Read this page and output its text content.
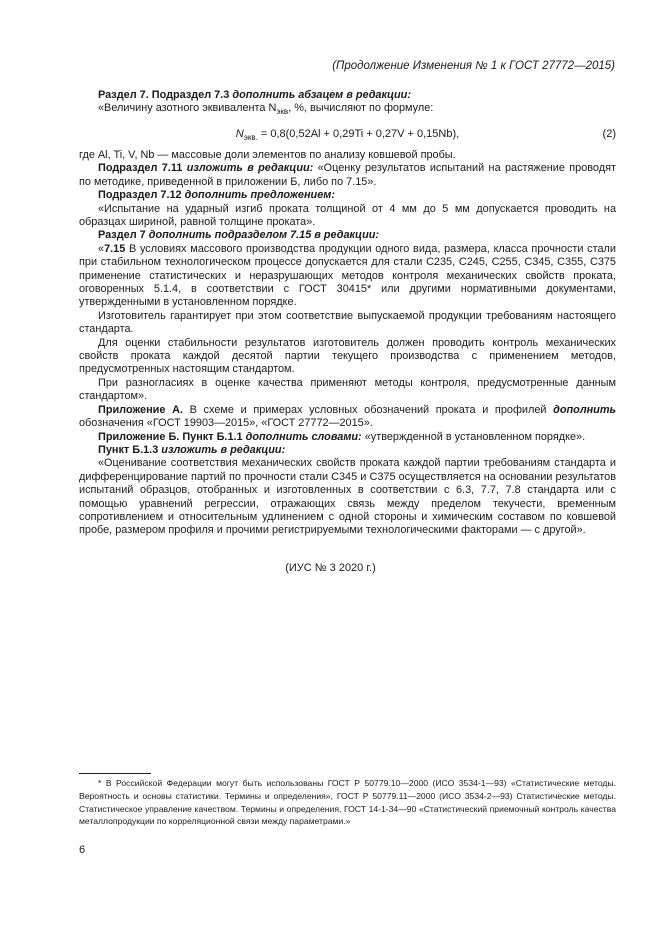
(Продолжение Изменения № 1 к ГОСТ 27772—2015)

Раздел 7. Подраздел 7.3 дополнить абзацем в редакции:

«Величину азотного эквивалента $N_{экв}$, %, вычисляют по формуле:

$N_{экв.} = 0,8(0,52Al + 0,29Ti + 0,27V + 0,15Nb)$,	(2)

где Al, Ti, V, Nb — массовые доли элементов по анализу ковшевой пробы.

Подраздел 7.11 изложить в редакции: «Оценку результатов испытаний на растяжение проводят по методике, приведенной в приложении Б, либо по 7.15».

Подраздел 7.12 дополнить предложением:

«Испытание на ударный изгиб проката толщиной от 4 мм до 5 мм допускается проводить на образцах шириной, равной толщине проката».

Раздел 7 дополнить подразделом 7.15 в редакции:

«7.15 В условиях массового производства продукции одного вида, размера, класса прочности стали при стабильном технологическом процессе допускается для стали С235, С245, С255, С345, С355, С375 применение статистических и неразрушающих методов контроля механических свойств проката, оговоренных 5.1.4, в соответствии с ГОСТ 30415* или другими нормативными документами, утвержденными в установленном порядке.

Изготовитель гарантирует при этом соответствие выпускаемой продукции требованиям настоящего стандарта.

Для оценки стабильности результатов изготовитель должен проводить контроль механических свойств проката каждой десятой партии текущего производства с применением методов, предусмотренных настоящим стандартом.

При разногласиях в оценке качества применяют методы контроля, предусмотренные данным стандартом».

Приложение А. В схеме и примерах условных обозначений проката и профилей дополнить обозначения «ГОСТ 19903—2015», «ГОСТ 27772—2015».

Приложение Б. Пункт Б.1.1 дополнить словами: «утвержденной в установленном порядке».

Пункт Б.1.3 изложить в редакции:

«Оценивание соответствия механических свойств проката каждой партии требованиям стандарта и дифференцирование партий по прочности стали С345 и С375 осуществляется на основании результатов испытаний образцов, отобранных и изготовленных в соответствии с 6.3, 7.7, 7.8 стандарта или с помощью уравнений регрессии, отражающих связь между пределом текучести, временным сопротивлением и относительным удлинением с одной стороны и химическим составом по ковшевой пробе, размером профиля и прочими регистрируемыми технологическими факторами — с другой».

(ИУС № 3 2020 г.)

* В Российской Федерации могут быть использованы ГОСТ Р 50779.10—2000 (ИСО 3534-1—93) «Статистические методы. Вероятность и основы статистики. Термины и определения», ГОСТ Р 50779.11—2000 (ИСО 3534-2—93) Статистические методы. Статистическое управление качеством. Термины и определения, ГОСТ 14-1-34—90 «Статистический приемочный контроль качества металлопродукции по корреляционной связи между параметрами.»

6
